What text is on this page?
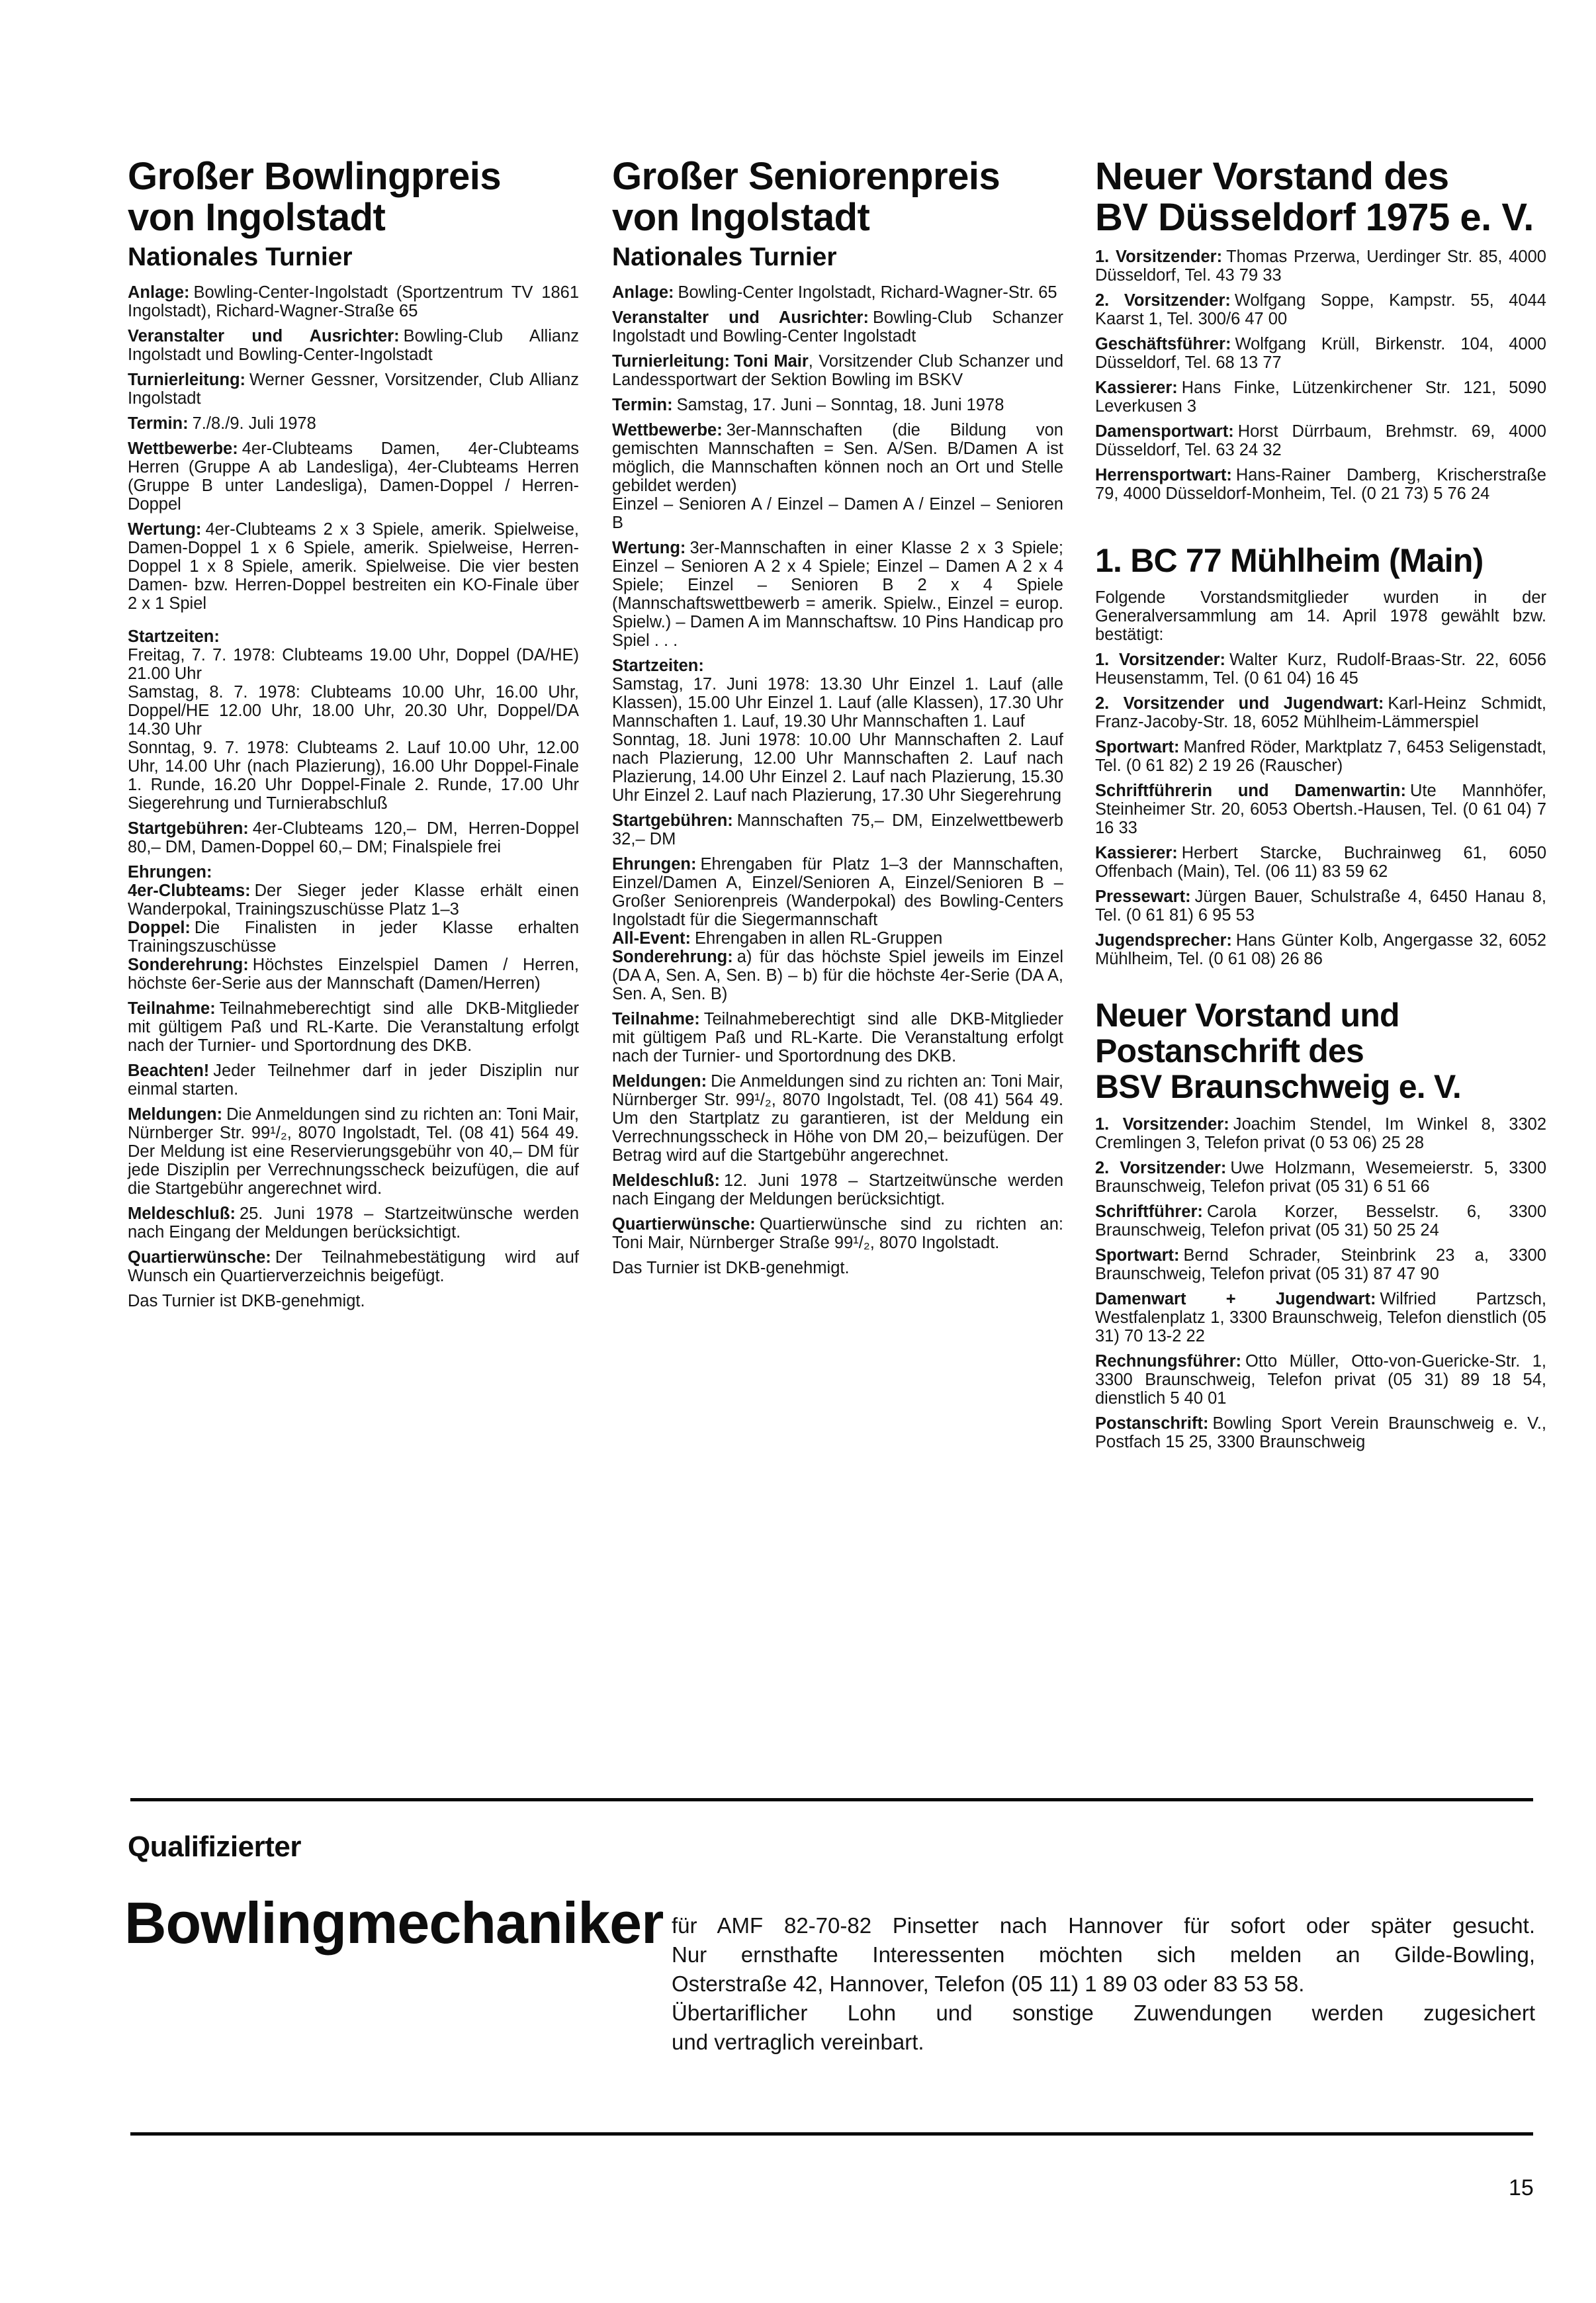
Großer Bowlingpreis
von Ingolstadt
Nationales Turnier

Anlage: Bowling-Center-Ingolstadt (Sportzentrum TV 1861 Ingolstadt), Richard-Wagner-Straße 65

Veranstalter und Ausrichter: Bowling-Club Allianz Ingolstadt und Bowling-Center-Ingolstadt

Turnierleitung: Werner Gessner, Vorsitzender, Club Allianz Ingolstadt

Termin: 7./8./9. Juli 1978

Wettbewerbe: 4er-Clubteams Damen, 4er-Clubteams Herren (Gruppe A ab Landesliga), 4er-Clubteams Herren (Gruppe B unter Landesliga), Damen-Doppel / Herren-Doppel

Wertung: 4er-Clubteams 2 x 3 Spiele, amerik. Spielweise, Damen-Doppel 1 x 6 Spiele, amerik. Spielweise, Herren-Doppel 1 x 8 Spiele, amerik. Spielweise. Die vier besten Damen- bzw. Herren-Doppel bestreiten ein KO-Finale über 2 x 1 Spiel

Startzeiten:

Freitag, 7. 7. 1978: Clubteams 19.00 Uhr, Doppel (DA/HE) 21.00 Uhr

Samstag, 8. 7. 1978: Clubteams 10.00 Uhr, 16.00 Uhr, Doppel/HE 12.00 Uhr, 18.00 Uhr, 20.30 Uhr, Doppel/DA 14.30 Uhr

Sonntag, 9. 7. 1978: Clubteams 2. Lauf 10.00 Uhr, 12.00 Uhr, 14.00 Uhr (nach Plazierung), 16.00 Uhr Doppel-Finale 1. Runde, 16.20 Uhr Doppel-Finale 2. Runde, 17.00 Uhr Siegerehrung und Turnierabschluß

Startgebühren: 4er-Clubteams 120,– DM, Herren-Doppel 80,– DM, Damen-Doppel 60,– DM; Finalspiele frei

Ehrungen:

4er-Clubteams: Der Sieger jeder Klasse erhält einen Wanderpokal, Trainingszuschüsse Platz 1–3

Doppel: Die Finalisten in jeder Klasse erhalten Trainingszuschüsse

Sonderehrung: Höchstes Einzelspiel Damen / Herren, höchste 6er-Serie aus der Mannschaft (Damen/Herren)

Teilnahme: Teilnahmeberechtigt sind alle DKB-Mitglieder mit gültigem Paß und RL-Karte. Die Veranstaltung erfolgt nach der Turnier- und Sportordnung des DKB.

Beachten! Jeder Teilnehmer darf in jeder Disziplin nur einmal starten.

Meldungen: Die Anmeldungen sind zu richten an: Toni Mair, Nürnberger Str. 99¹/₂, 8070 Ingolstadt, Tel. (08 41) 564 49. Der Meldung ist eine Reservierungsgebühr von 40,– DM für jede Disziplin per Verrechnungsscheck beizufügen, die auf die Startgebühr angerechnet wird.

Meldeschluß: 25. Juni 1978 – Startzeitwünsche werden nach Eingang der Meldungen berücksichtigt.

Quartierwünsche: Der Teilnahmebestätigung wird auf Wunsch ein Quartierverzeichnis beigefügt.

Das Turnier ist DKB-genehmigt.

Großer Seniorenpreis
von Ingolstadt
Nationales Turnier

Anlage: Bowling-Center Ingolstadt, Richard-Wagner-Str. 65

Veranstalter und Ausrichter: Bowling-Club Schanzer Ingolstadt und Bowling-Center Ingolstadt

Turnierleitung: Toni Mair, Vorsitzender Club Schanzer und Landessportwart der Sektion Bowling im BSKV

Termin: Samstag, 17. Juni – Sonntag, 18. Juni 1978

Wettbewerbe: 3er-Mannschaften (die Bildung von gemischten Mannschaften = Sen. A/Sen. B/Damen A ist möglich, die Mannschaften können noch an Ort und Stelle gebildet werden)

Einzel – Senioren A / Einzel – Damen A / Einzel – Senioren B

Wertung: 3er-Mannschaften in einer Klasse 2 x 3 Spiele; Einzel – Senioren A 2 x 4 Spiele; Einzel – Damen A 2 x 4 Spiele; Einzel – Senioren B 2 x 4 Spiele (Mannschaftswettbewerb = amerik. Spielw., Einzel = europ. Spielw.) – Damen A im Mannschaftsw. 10 Pins Handicap pro Spiel . . .

Startzeiten:

Samstag, 17. Juni 1978: 13.30 Uhr Einzel 1. Lauf (alle Klassen), 15.00 Uhr Einzel 1. Lauf (alle Klassen), 17.30 Uhr Mannschaften 1. Lauf, 19.30 Uhr Mannschaften 1. Lauf

Sonntag, 18. Juni 1978: 10.00 Uhr Mannschaften 2. Lauf nach Plazierung, 12.00 Uhr Mannschaften 2. Lauf nach Plazierung, 14.00 Uhr Einzel 2. Lauf nach Plazierung, 15.30 Uhr Einzel 2. Lauf nach Plazierung, 17.30 Uhr Siegerehrung

Startgebühren: Mannschaften 75,– DM, Einzelwettbewerb 32,– DM

Ehrungen: Ehrengaben für Platz 1–3 der Mannschaften, Einzel/Damen A, Einzel/Senioren A, Einzel/Senioren B – Großer Seniorenpreis (Wanderpokal) des Bowling-Centers Ingolstadt für die Siegermannschaft

All-Event: Ehrengaben in allen RL-Gruppen

Sonderehrung: a) für das höchste Spiel jeweils im Einzel (DA A, Sen. A, Sen. B) – b) für die höchste 4er-Serie (DA A, Sen. A, Sen. B)

Teilnahme: Teilnahmeberechtigt sind alle DKB-Mitglieder mit gültigem Paß und RL-Karte. Die Veranstaltung erfolgt nach der Turnier- und Sportordnung des DKB.

Meldungen: Die Anmeldungen sind zu richten an: Toni Mair, Nürnberger Str. 99¹/₂, 8070 Ingolstadt, Tel. (08 41) 564 49. Um den Startplatz zu garantieren, ist der Meldung ein Verrechnungsscheck in Höhe von DM 20,– beizufügen. Der Betrag wird auf die Startgebühr angerechnet.

Meldeschluß: 12. Juni 1978 – Startzeitwünsche werden nach Eingang der Meldungen berücksichtigt.

Quartierwünsche: Quartierwünsche sind zu richten an: Toni Mair, Nürnberger Straße 99¹/₂, 8070 Ingolstadt.

Das Turnier ist DKB-genehmigt.

Neuer Vorstand des
BV Düsseldorf 1975 e. V.

1. Vorsitzender: Thomas Przerwa, Uerdinger Str. 85, 4000 Düsseldorf, Tel. 43 79 33

2. Vorsitzender: Wolfgang Soppe, Kampstr. 55, 4044 Kaarst 1, Tel. 300/6 47 00

Geschäftsführer: Wolfgang Krüll, Birkenstr. 104, 4000 Düsseldorf, Tel. 68 13 77

Kassierer: Hans Finke, Lützenkirchener Str. 121, 5090 Leverkusen 3

Damensportwart: Horst Dürrbaum, Brehmstr. 69, 4000 Düsseldorf, Tel. 63 24 32

Herrensportwart: Hans-Rainer Damberg, Krischerstraße 79, 4000 Düsseldorf-Monheim, Tel. (0 21 73) 5 76 24

1. BC 77 Mühlheim (Main)

Folgende Vorstandsmitglieder wurden in der Generalversammlung am 14. April 1978 gewählt bzw. bestätigt:

1. Vorsitzender: Walter Kurz, Rudolf-Braas-Str. 22, 6056 Heusenstamm, Tel. (0 61 04) 16 45

2. Vorsitzender und Jugendwart: Karl-Heinz Schmidt, Franz-Jacoby-Str. 18, 6052 Mühlheim-Lämmerspiel

Sportwart: Manfred Röder, Marktplatz 7, 6453 Seligenstadt, Tel. (0 61 82) 2 19 26 (Rauscher)

Schriftführerin und Damenwartin: Ute Mannhöfer, Steinheimer Str. 20, 6053 Obertsh.-Hausen, Tel. (0 61 04) 7 16 33

Kassierer: Herbert Starcke, Buchrainweg 61, 6050 Offenbach (Main), Tel. (06 11) 83 59 62

Pressewart: Jürgen Bauer, Schulstraße 4, 6450 Hanau 8, Tel. (0 61 81) 6 95 53

Jugendsprecher: Hans Günter Kolb, Angergasse 32, 6052 Mühlheim, Tel. (0 61 08) 26 86

Neuer Vorstand und
Postanschrift des
BSV Braunschweig e. V.

1. Vorsitzender: Joachim Stendel, Im Winkel 8, 3302 Cremlingen 3, Telefon privat (0 53 06) 25 28

2. Vorsitzender: Uwe Holzmann, Wesemeierstr. 5, 3300 Braunschweig, Telefon privat (05 31) 6 51 66

Schriftführer: Carola Korzer, Besselstr. 6, 3300 Braunschweig, Telefon privat (05 31) 50 25 24

Sportwart: Bernd Schrader, Steinbrink 23 a, 3300 Braunschweig, Telefon privat (05 31) 87 47 90

Damenwart + Jugendwart: Wilfried Partzsch, Westfalenplatz 1, 3300 Braunschweig, Telefon dienstlich (05 31) 70 13-2 22

Rechnungsführer: Otto Müller, Otto-von-Guericke-Str. 1, 3300 Braunschweig, Telefon privat (05 31) 89 18 54, dienstlich 5 40 01

Postanschrift: Bowling Sport Verein Braunschweig e. V., Postfach 15 25, 3300 Braunschweig

Qualifizierter
Bowlingmechaniker für AMF 82-70-82 Pinsetter nach Hannover für sofort oder später gesucht.
Nur ernsthafte Interessenten möchten sich melden an Gilde-Bowling,
Osterstraße 42, Hannover, Telefon (05 11) 1 89 03 oder 83 53 58.
Übertariflicher Lohn und sonstige Zuwendungen werden zugesichert
und vertraglich vereinbart.

15
